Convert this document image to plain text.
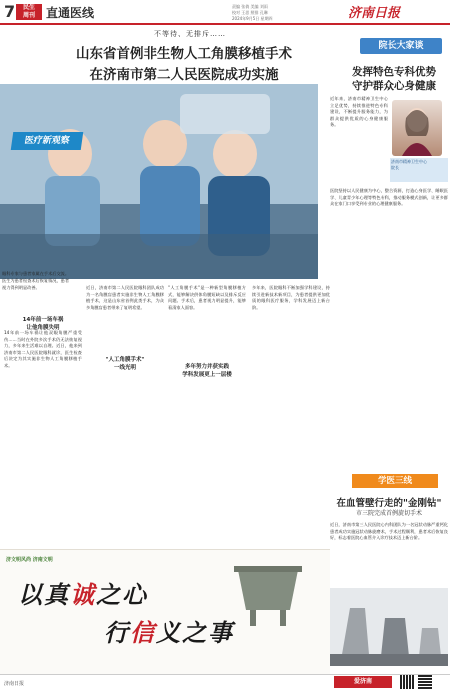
7	民生
周刊 直通医线	责编 张倩 美编 刘雨
校对 王思 照排 孔琳
2024年9月5日 星期四	济南日报
不等待、无排斥……
山东省首例非生物人工角膜移植手术
在济南市第二人民医院成功实施
医疗新观察
眼科专家与患者家属在手术后交流。
医生为患者检查术后恢复情况，患者
视力得到明显改善。
14年前一场车祸
让他角膜失明
14年前一场车祸让他双眼角膜严重受伤……当时在外院多次手术仍无法恢复视力，多年来生活难以自理。近日，他来到济南市第二人民医院眼科就诊，医生检查后决定为其实施非生物人工角膜移植手术。
近日，济南市第二人民医院眼科团队成功为一名角膜盲患者实施非生物人工角膜移植手术，这是山东省首例此类手术，为众多角膜盲患者带来了复明希望。
"人工角膜手术"
一线光明
"人工角膜手术"是一种新型角膜移植方式，能够解决供体角膜短缺以及排斥反应问题。手术后，患者视力明显提升，能够看清家人面容。
多年努力并获实践
学科发展更上一层楼
多年来，医院眼科不断加强学科建设，持续引进新技术新项目，为患者提供更加优质的眼科医疗服务，学科发展迈上新台阶。
院长大家谈
发挥特色专科优势
守护群众心身健康
近年来，济南市精神卫生中心立足优势，持续推进特色专科建设，不断提升服务能力，为群众提供优质的心身健康服务。
济南市精神卫生中心
院长
医院坚持以人民健康为中心，整合资源，打造心身医学、睡眠医学、儿童青少年心理等特色专科，推动服务模式创新，让更多群众在家门口享受到专业的心理健康服务。
学医三线
在血管壁行走的"金刚钻"
市三院完成首例旋切手术
近日，济南市第三人民医院心内科团队为一名冠状动脉严重钙化患者成功实施冠状动脉旋磨术，手术过程顺利，患者术后恢复良好，标志着医院心血管介入诊疗技术迈上新台阶。
济文明风尚 济南文明
以真诚之心
行信义之事
济南日报	爱济南
